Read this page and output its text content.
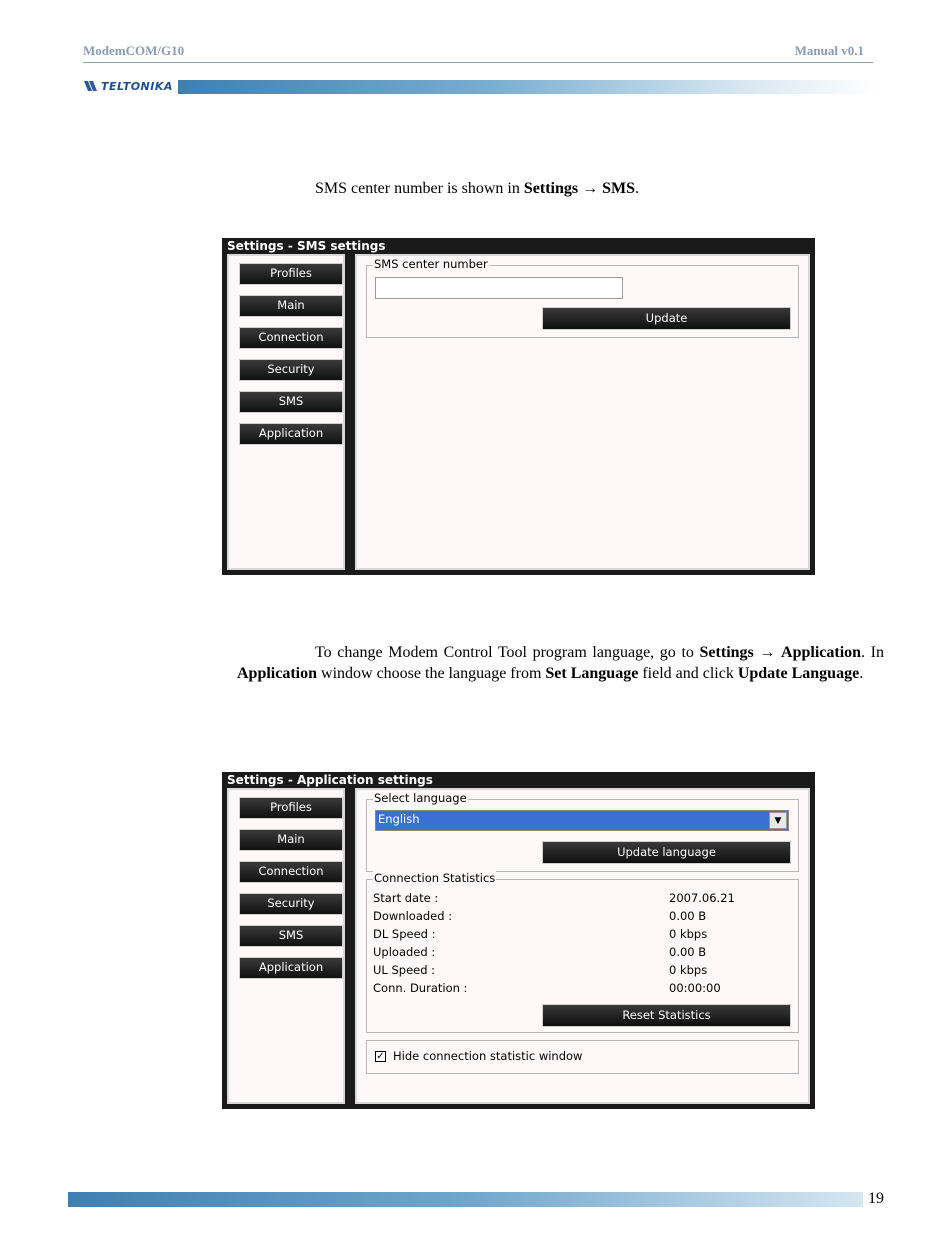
ModemCOM/G10	Manual v0.1
TELTONIKA
SMS center number is shown in Settings → SMS.
Settings - SMS settings
Profiles
Main
Connection
Security
SMS
Application
SMS center number
Update
To change Modem Control Tool program language, go to Settings → Application. In Application window choose the language from Set Language field and click Update Language.
Settings - Application settings
Profiles
Main
Connection
Security
SMS
Application
Select language
English	▼
Update language
Connection Statistics
Start date :	2007.06.21
Downloaded :	0.00 B
DL Speed :	0 kbps
Uploaded :	0.00 B
UL Speed :	0 kbps
Conn. Duration :	00:00:00
Reset Statistics
✓ Hide connection statistic window
19
